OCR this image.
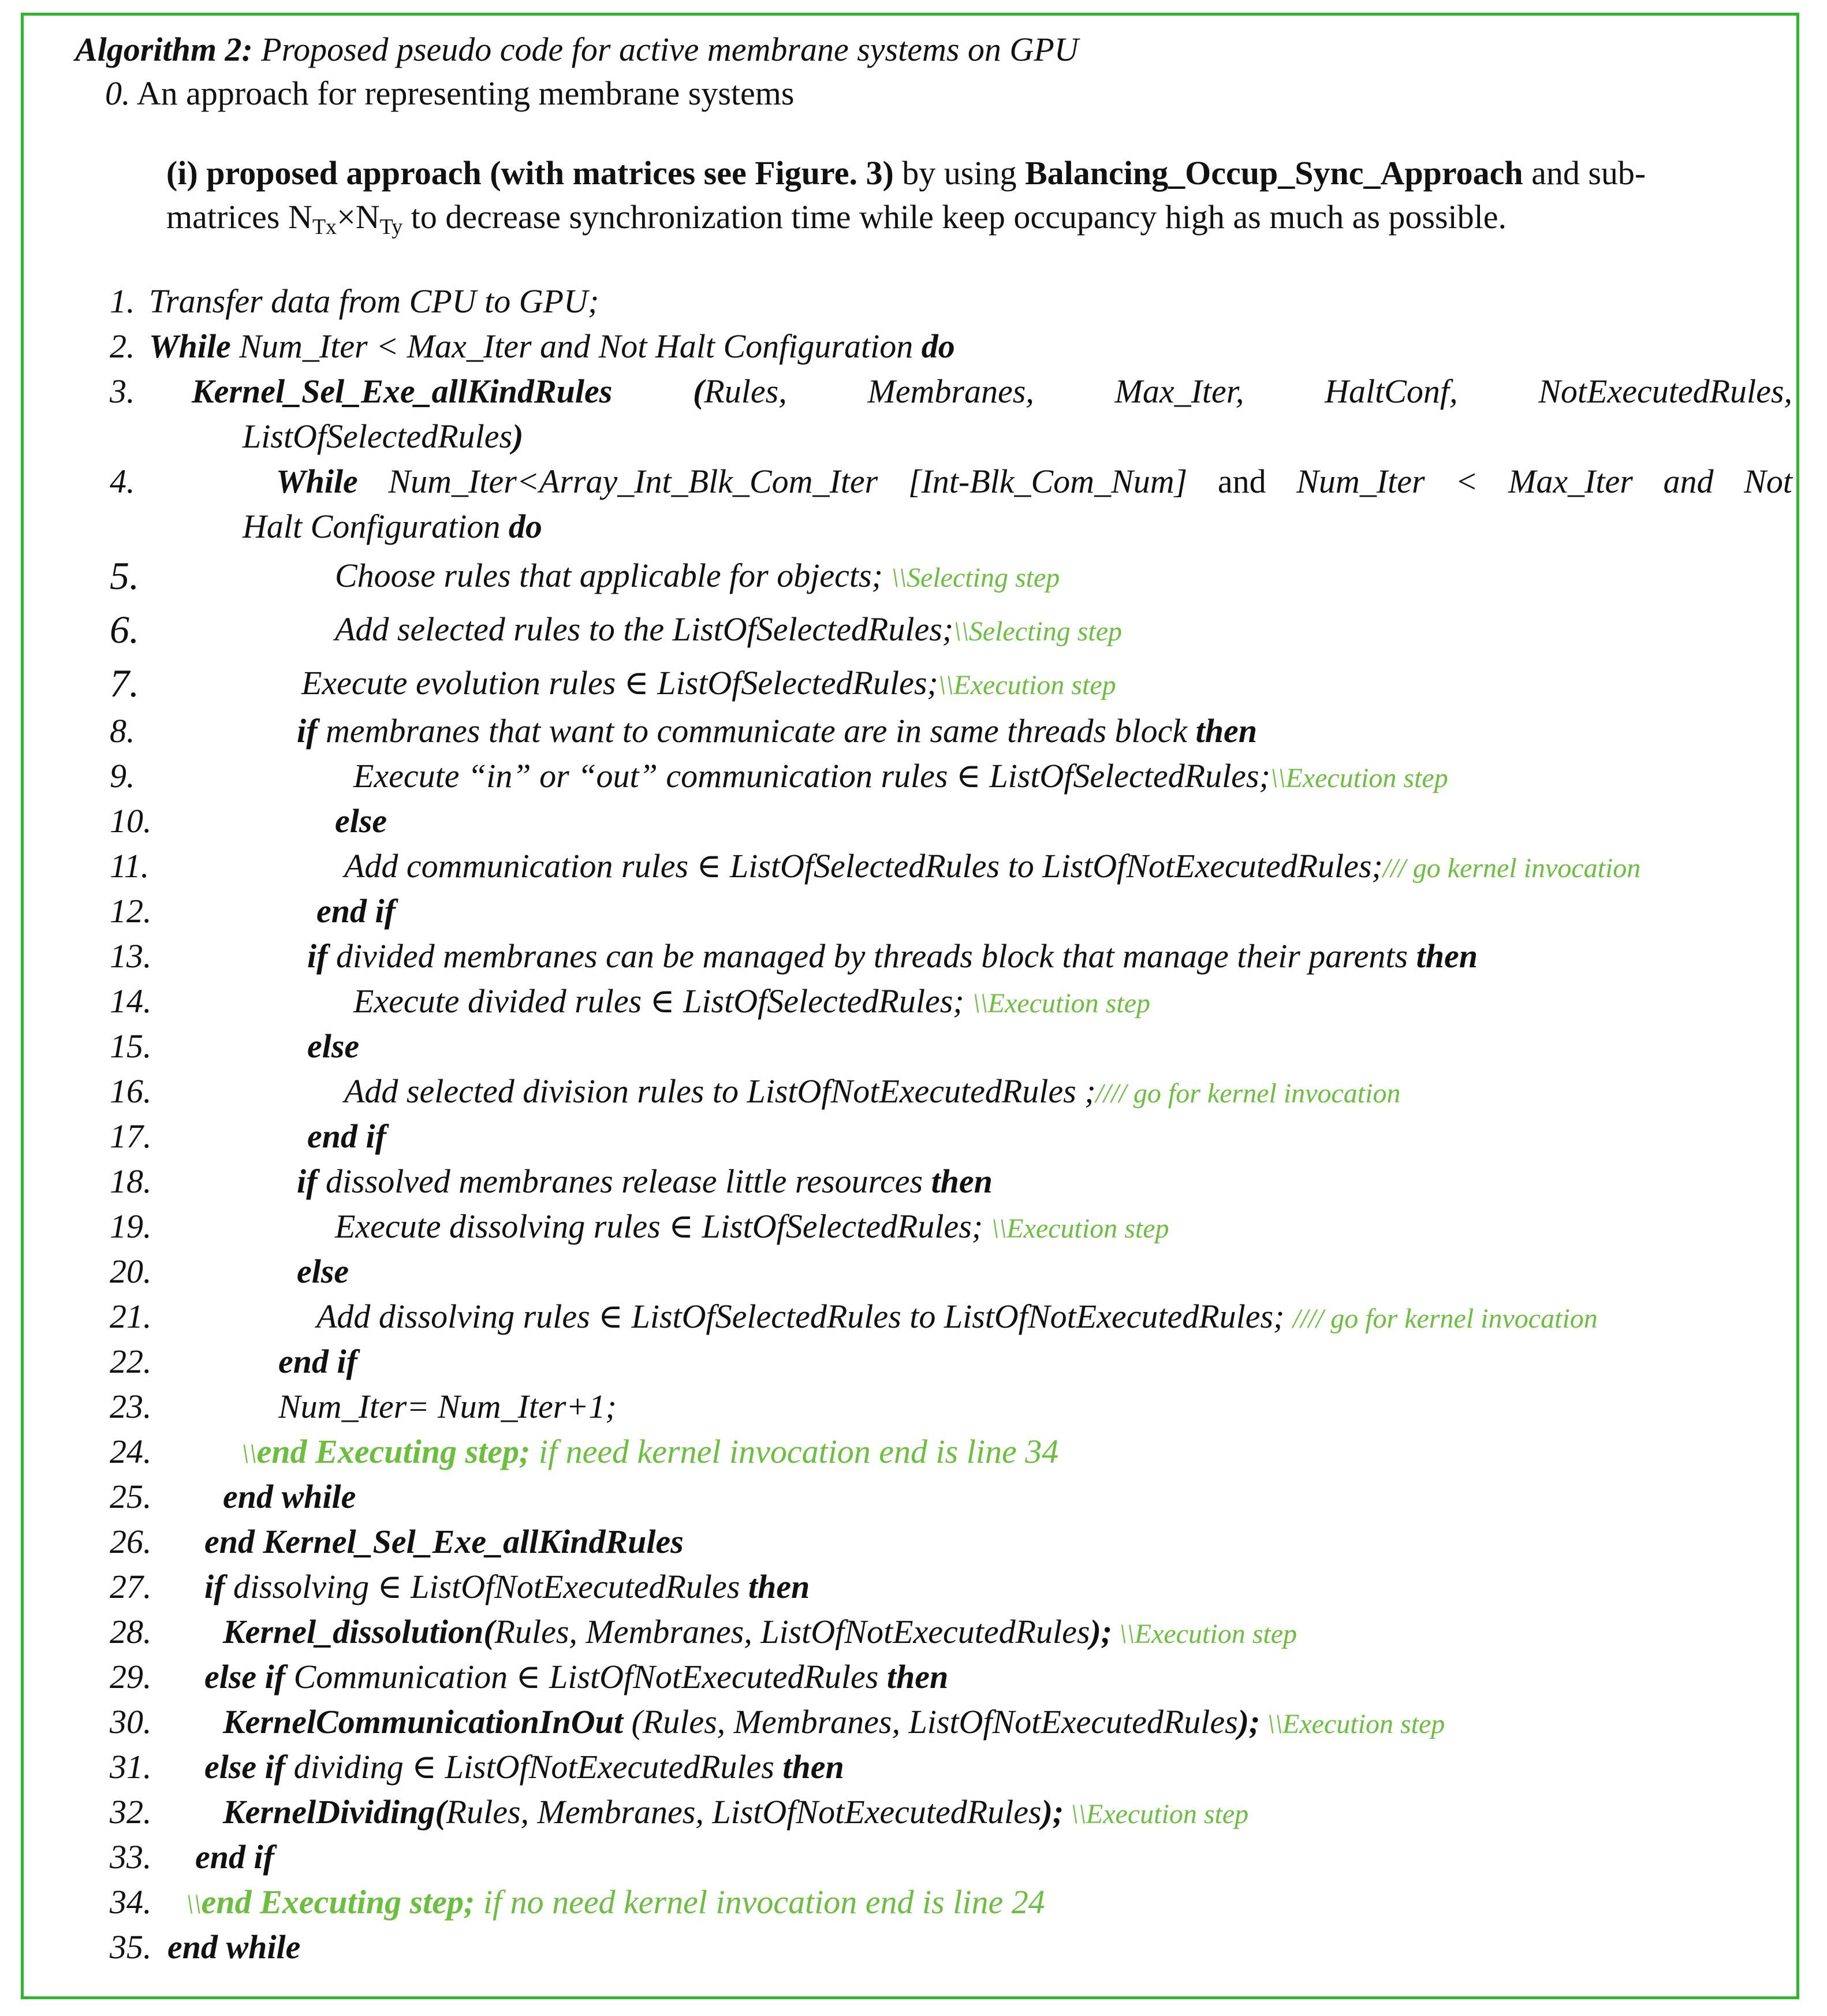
Algorithm 2: Proposed pseudo code for active membrane systems on GPU
0. An approach for representing membrane systems
(i) proposed approach (with matrices see Figure. 3) by using Balancing_Occup_Sync_Approach and sub-matrices $N_{Tx}\times N_{Ty}$ to decrease synchronization time while keep occupancy high as much as possible.
1. Transfer data from CPU to GPU;
2. While Num_Iter < Max_Iter and Not Halt Configuration do
3. Kernel_Sel_Exe_allKindRules (Rules, Membranes, Max_Iter, HaltConf, NotExecutedRules,
ListOfSelectedRules)
4.	While Num_Iter<Array_Int_Blk_Com_Iter [Int-Blk_Com_Num] and Num_Iter < Max_Iter and Not
Halt Configuration do
5.	Choose rules that applicable for objects; \\Selecting step
6.	Add selected rules to the ListOfSelectedRules;\\Selecting step
7.	Execute evolution rules ∈ ListOfSelectedRules;\\Execution step
8.	if membranes that want to communicate are in same threads block then
9.	Execute “in” or “out” communication rules ∈ ListOfSelectedRules;\\Execution step
10.	else
11.	Add communication rules ∈ ListOfSelectedRules to ListOfNotExecutedRules;/// go kernel invocation
12.	end if
13.	if divided membranes can be managed by threads block that manage their parents then
14.	Execute divided rules ∈ ListOfSelectedRules; \\Execution step
15.	else
16.	Add selected division rules to ListOfNotExecutedRules ;//// go for kernel invocation
17.	end if
18.	if dissolved membranes release little resources then
19.	Execute dissolving rules ∈ ListOfSelectedRules; \\Execution step
20.	else
21.	Add dissolving rules ∈ ListOfSelectedRules to ListOfNotExecutedRules; //// go for kernel invocation
22.	end if
23.	Num_Iter= Num_Iter+1;
24.	\\end Executing step; if need kernel invocation end is line 34
25. end while
26. end Kernel_Sel_Exe_allKindRules
27. if dissolving ∈ ListOfNotExecutedRules then
28. Kernel_dissolution(Rules, Membranes, ListOfNotExecutedRules); \\Execution step
29. else if Communication ∈ ListOfNotExecutedRules then
30. KernelCommunicationInOut (Rules, Membranes, ListOfNotExecutedRules); \\Execution step
31. else if dividing ∈ ListOfNotExecutedRules then
32. KernelDividing(Rules, Membranes, ListOfNotExecutedRules); \\Execution step
33. end if
34. \\end Executing step; if no need kernel invocation end is line 24
35. end while
